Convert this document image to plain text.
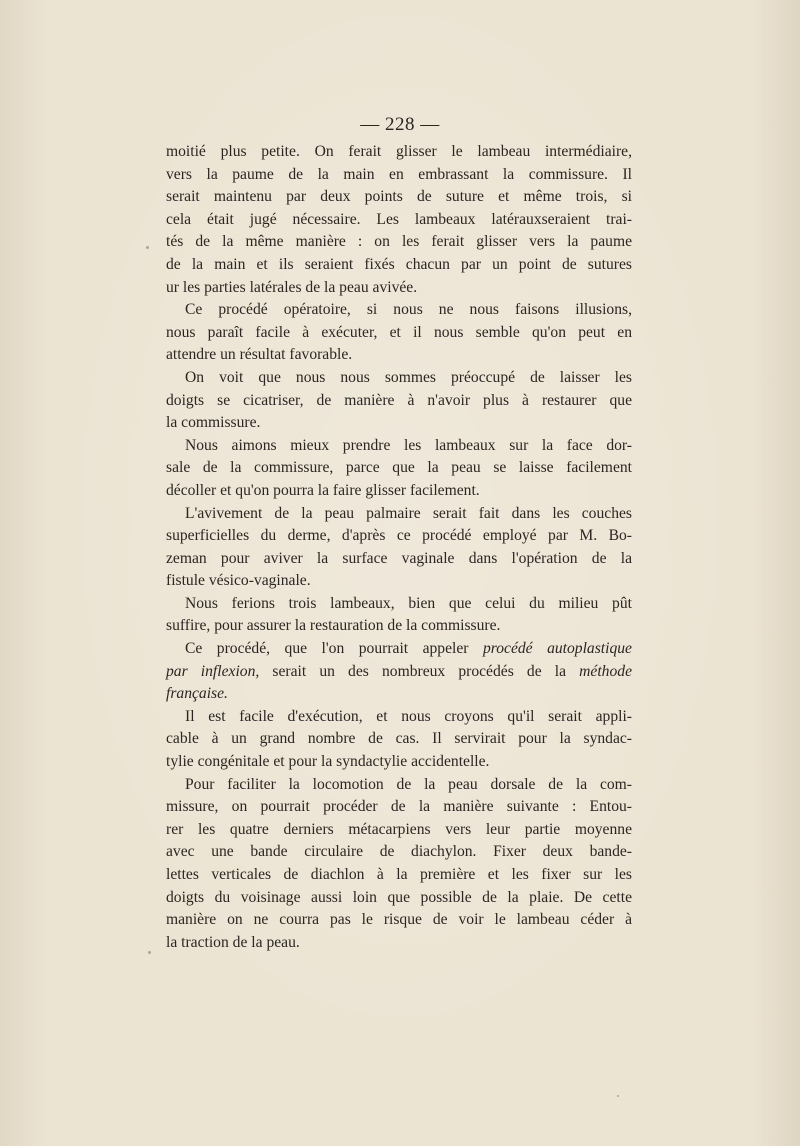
— 228 —

moitié plus petite. On ferait glisser le lambeau intermédiaire,
vers la paume de la main en embrassant la commissure. Il
serait maintenu par deux points de suture et même trois, si
cela était jugé nécessaire. Les lambeaux latérauxseraient trai-
tés de la même manière : on les ferait glisser vers la paume
de la main et ils seraient fixés chacun par un point de sutures
ur les parties latérales de la peau avivée.

Ce procédé opératoire, si nous ne nous faisons illusions,
nous paraît facile à exécuter, et il nous semble qu'on peut en
attendre un résultat favorable.

On voit que nous nous sommes préoccupé de laisser les
doigts se cicatriser, de manière à n'avoir plus à restaurer que
la commissure.

Nous aimons mieux prendre les lambeaux sur la face dor-
sale de la commissure, parce que la peau se laisse facilement
décoller et qu'on pourra la faire glisser facilement.

L'avivement de la peau palmaire serait fait dans les couches
superficielles du derme, d'après ce procédé employé par M. Bo-
zeman pour aviver la surface vaginale dans l'opération de la
fistule vésico-vaginale.

Nous ferions trois lambeaux, bien que celui du milieu pût
suffire, pour assurer la restauration de la commissure.

Ce procédé, que l'on pourrait appeler procédé autoplastique
par inflexion, serait un des nombreux procédés de la méthode
française.

Il est facile d'exécution, et nous croyons qu'il serait appli-
cable à un grand nombre de cas. Il servirait pour la syndac-
tylie congénitale et pour la syndactylie accidentelle.

Pour faciliter la locomotion de la peau dorsale de la com-
missure, on pourrait procéder de la manière suivante : Entou-
rer les quatre derniers métacarpiens vers leur partie moyenne
avec une bande circulaire de diachylon. Fixer deux bande-
lettes verticales de diachlon à la première et les fixer sur les
doigts du voisinage aussi loin que possible de la plaie. De cette
manière on ne courra pas le risque de voir le lambeau céder à
la traction de la peau.
